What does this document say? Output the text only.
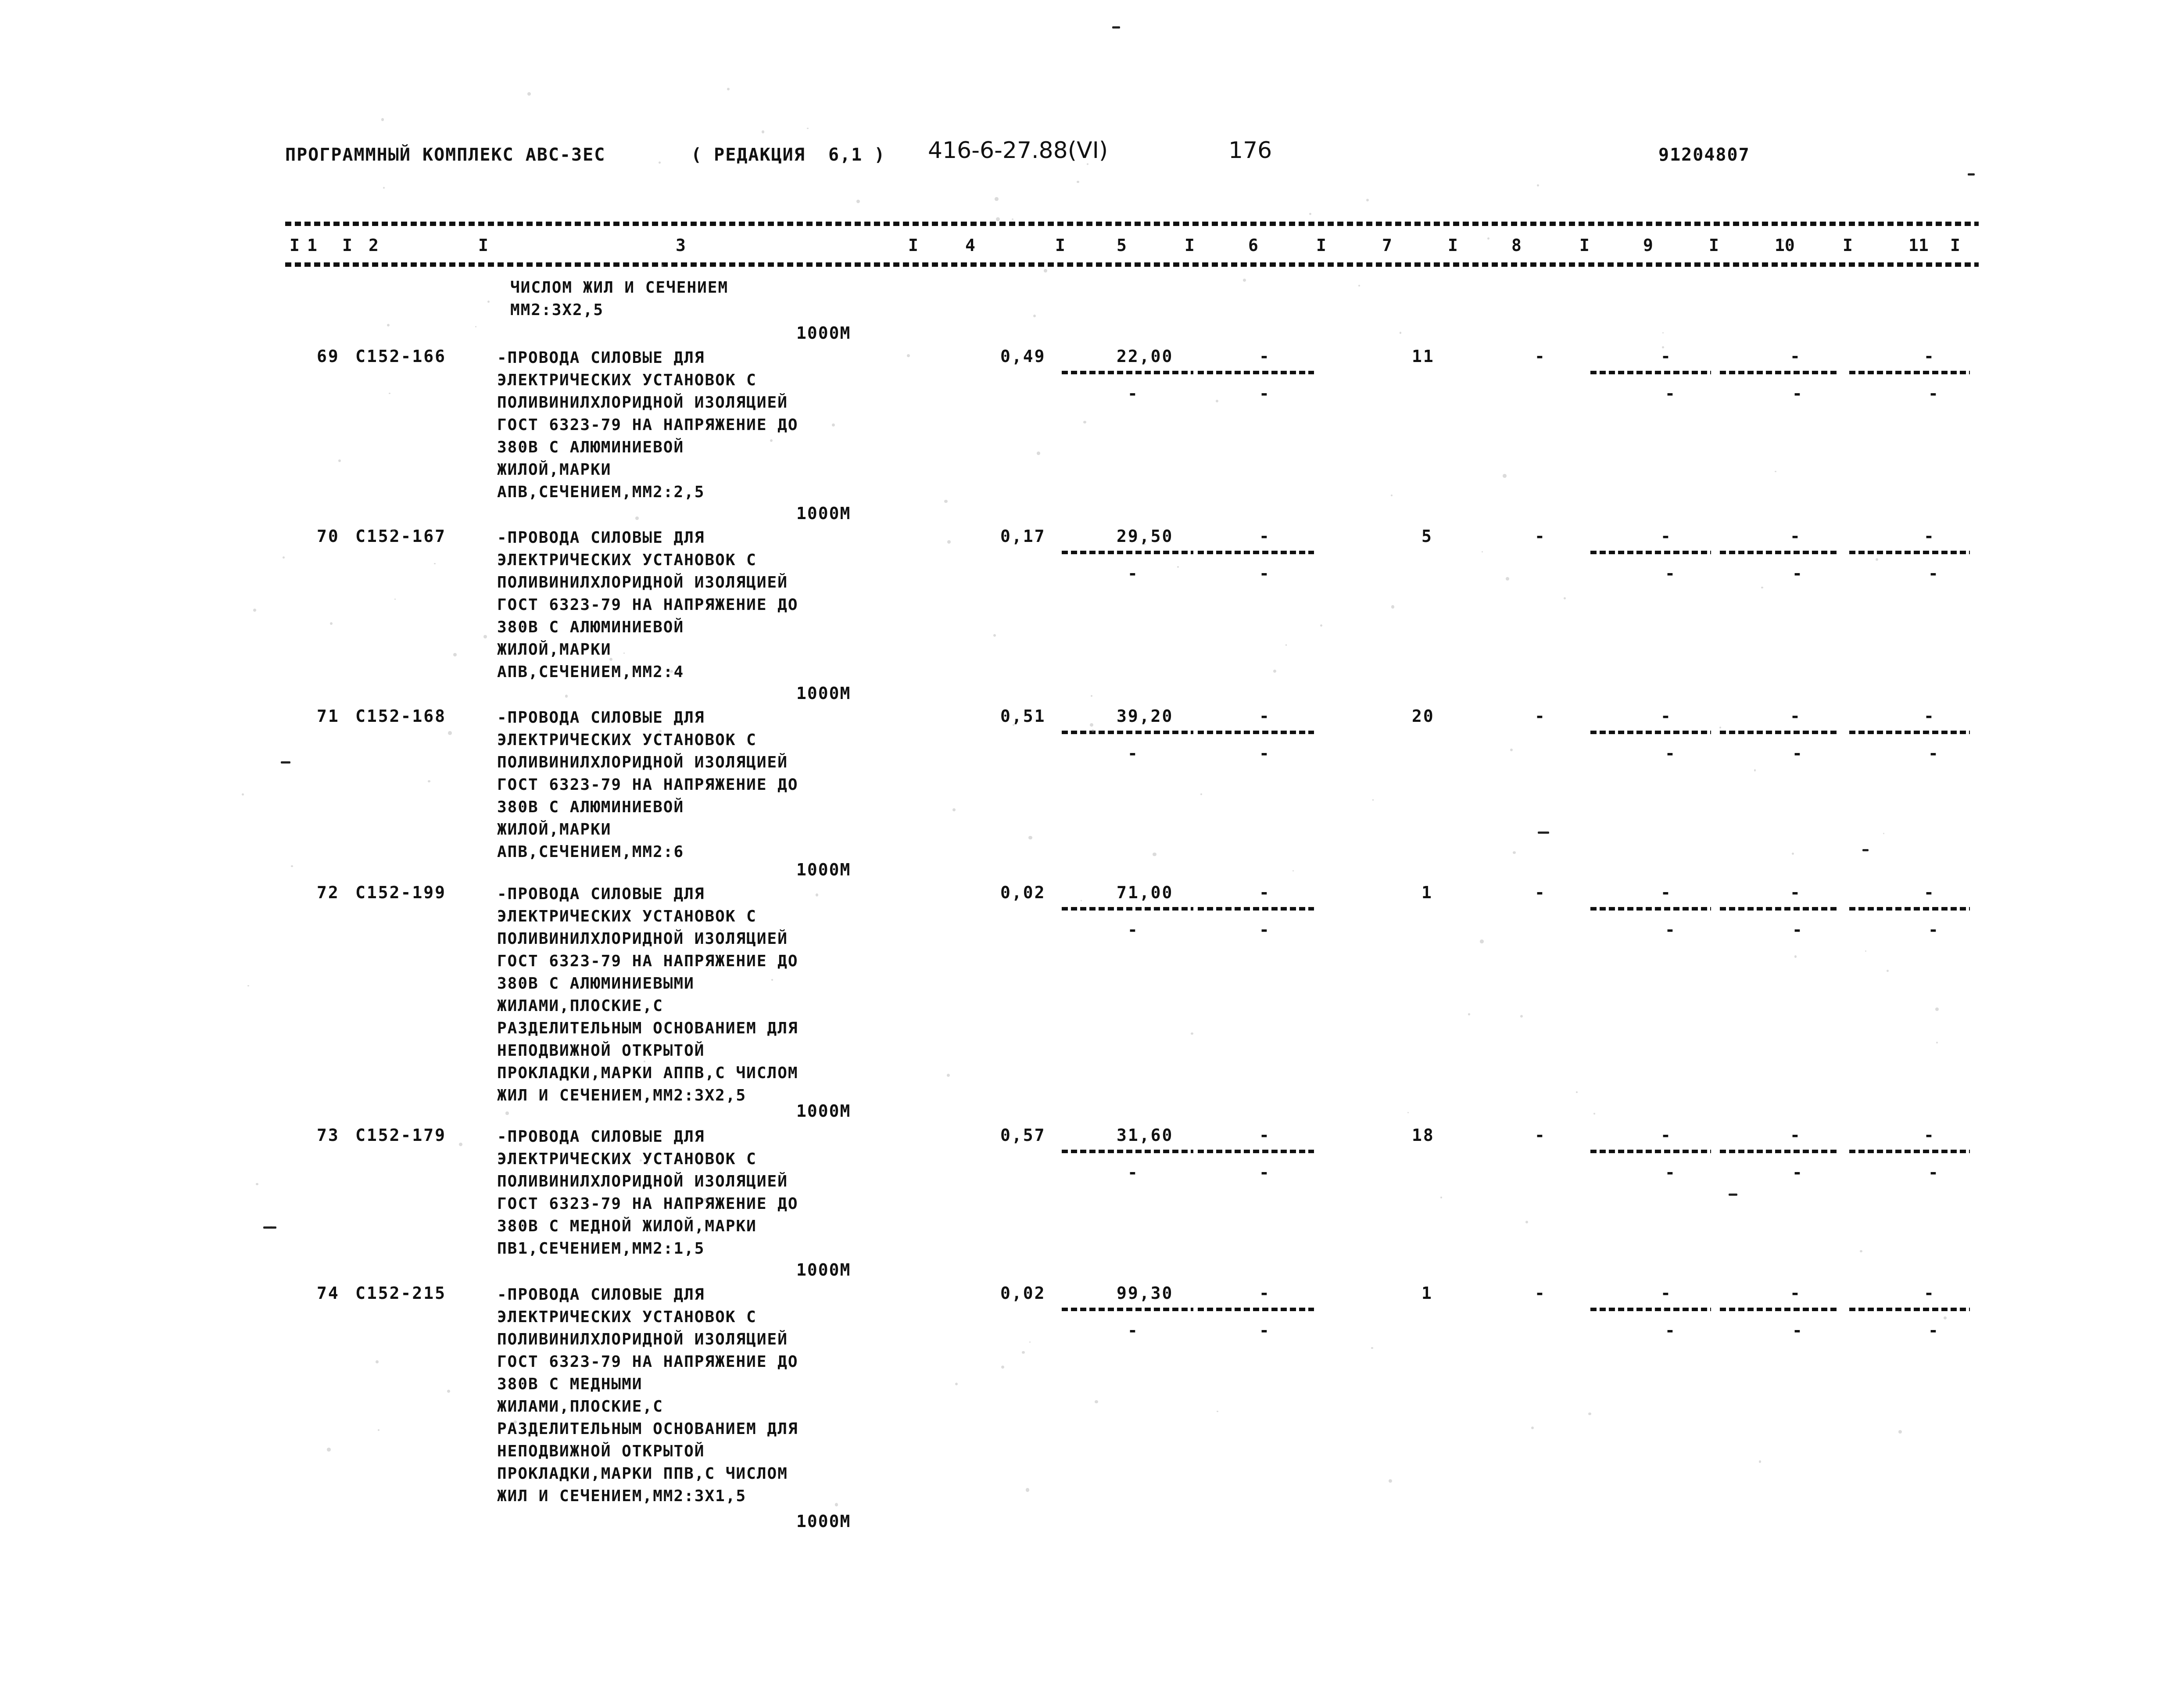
ПРОГРАММНЫЙ КОМПЛЕКС АВС-ЗЕС	( РЕДАКЦИЯ  6,1 ) 416-6-27.88(VI)	176	91204807
1	2	3	4	5	6	7	8	9	10	11
I	I	I	I	I	I	I	I	I	I	I	I
ЧИСЛОМ ЖИЛ И СЕЧЕНИЕМ
ММ2:3Х2,5
1000М
69 С152-166	-ПРОВОДА СИЛОВЫЕ ДЛЯ
ЭЛЕКТРИЧЕСКИХ УСТАНОВОК С
ПОЛИВИНИЛХЛОРИДНОЙ ИЗОЛЯЦИЕЙ
ГОСТ 6323-79 НА НАПРЯЖЕНИЕ ДО
380В С АЛЮМИНИЕВОЙ
ЖИЛОЙ,МАРКИ
АПВ,СЕЧЕНИЕМ,ММ2:2,5
1000М
0,49	22,00	-	11	-	-	-	-
-	-	-	-	-
70 С152-167	-ПРОВОДА СИЛОВЫЕ ДЛЯ
ЭЛЕКТРИЧЕСКИХ УСТАНОВОК С
ПОЛИВИНИЛХЛОРИДНОЙ ИЗОЛЯЦИЕЙ
ГОСТ 6323-79 НА НАПРЯЖЕНИЕ ДО
380В С АЛЮМИНИЕВОЙ
ЖИЛОЙ,МАРКИ
АПВ,СЕЧЕНИЕМ,ММ2:4
1000М
0,17	29,50	-	5	-	-	-	-
-	-	-	-	-
71 С152-168	-ПРОВОДА СИЛОВЫЕ ДЛЯ
ЭЛЕКТРИЧЕСКИХ УСТАНОВОК С
ПОЛИВИНИЛХЛОРИДНОЙ ИЗОЛЯЦИЕЙ
ГОСТ 6323-79 НА НАПРЯЖЕНИЕ ДО
380В С АЛЮМИНИЕВОЙ
ЖИЛОЙ,МАРКИ
АПВ,СЕЧЕНИЕМ,ММ2:6
1000М
0,51	39,20	-	20	-	-	-	-
-	-	-	-	-
72 С152-199	-ПРОВОДА СИЛОВЫЕ ДЛЯ
ЭЛЕКТРИЧЕСКИХ УСТАНОВОК С
ПОЛИВИНИЛХЛОРИДНОЙ ИЗОЛЯЦИЕЙ
ГОСТ 6323-79 НА НАПРЯЖЕНИЕ ДО
380В С АЛЮМИНИЕВЫМИ
ЖИЛАМИ,ПЛОСКИЕ,С
РАЗДЕЛИТЕЛЬНЫМ ОСНОВАНИЕМ ДЛЯ
НЕПОДВИЖНОЙ ОТКРЫТОЙ
ПРОКЛАДКИ,МАРКИ АППВ,С ЧИСЛОМ
ЖИЛ И СЕЧЕНИЕМ,ММ2:3Х2,5
1000М
0,02	71,00	-	1	-	-	-	-
-	-	-	-	-
73 С152-179	-ПРОВОДА СИЛОВЫЕ ДЛЯ
ЭЛЕКТРИЧЕСКИХ УСТАНОВОК С
ПОЛИВИНИЛХЛОРИДНОЙ ИЗОЛЯЦИЕЙ
ГОСТ 6323-79 НА НАПРЯЖЕНИЕ ДО
380В С МЕДНОЙ ЖИЛОЙ,МАРКИ
ПВ1,СЕЧЕНИЕМ,ММ2:1,5
1000М
0,57	31,60	-	18	-	-	-	-
-	-	-	-	-
74 С152-215	-ПРОВОДА СИЛОВЫЕ ДЛЯ
ЭЛЕКТРИЧЕСКИХ УСТАНОВОК С
ПОЛИВИНИЛХЛОРИДНОЙ ИЗОЛЯЦИЕЙ
ГОСТ 6323-79 НА НАПРЯЖЕНИЕ ДО
380В С МЕДНЫМИ
ЖИЛАМИ,ПЛОСКИЕ,С
РАЗДЕЛИТЕЛЬНЫМ ОСНОВАНИЕМ ДЛЯ
НЕПОДВИЖНОЙ ОТКРЫТОЙ
ПРОКЛАДКИ,МАРКИ ППВ,С ЧИСЛОМ
ЖИЛ И СЕЧЕНИЕМ,ММ2:3Х1,5
1000М
0,02	99,30	-	1	-	-	-	-
-	-	-	-	-
